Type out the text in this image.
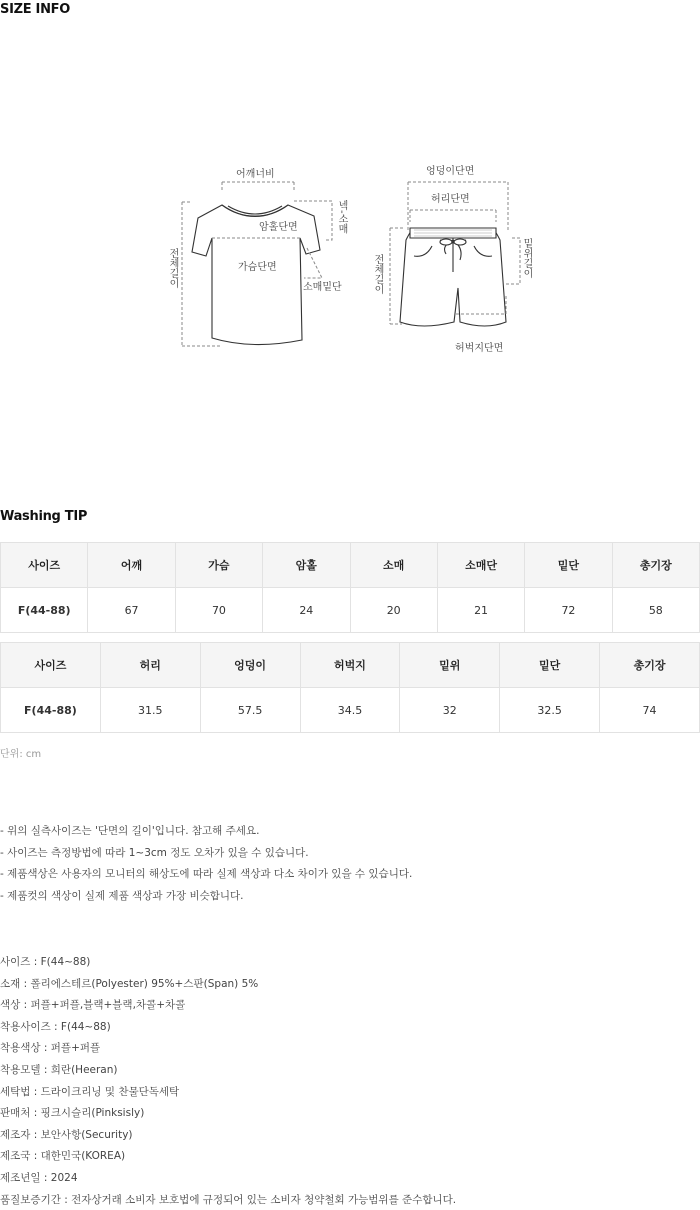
SIZE INFO
어깨너비
암홀단면
가슴단면
소매밑단
넥-소매
전체길이
엉덩이단면
허리단면
밑위길이
전체길이
허벅지단면
Washing TIP
사이즈	어깨	가슴	암홀	소매	소매단	밑단	총기장
F(44-88)	67	70	24	20	21	72	58
사이즈	허리	엉덩이	허벅지	밑위	밑단	총기장
F(44-88)	31.5	57.5	34.5	32	32.5	74
단위: cm
- 위의 실측사이즈는 '단면의 길이'입니다. 참고해 주세요.
- 사이즈는 측정방법에 따라 1~3cm 정도 오차가 있을 수 있습니다.
- 제품색상은 사용자의 모니터의 해상도에 따라 실제 색상과 다소 차이가 있을 수 있습니다.
- 제품컷의 색상이 실제 제품 색상과 가장 비슷합니다.
사이즈 : F(44~88)
소재 : 폴리에스테르(Polyester) 95%+스판(Span) 5%
색상 : 퍼플+퍼플,블랙+블랙,차콜+차콜
착용사이즈 : F(44~88)
착용색상 : 퍼플+퍼플
착용모델 : 희란(Heeran)
세탁법 : 드라이크리닝 및 찬물단독세탁
판매처 : 핑크시슬리(Pinksisly)
제조자 : 보안사항(Security)
제조국 : 대한민국(KOREA)
제조년일 : 2024
품질보증기간 : 전자상거래 소비자 보호법에 규정되어 있는 소비자 청약철회 가능범위를 준수합니다.
